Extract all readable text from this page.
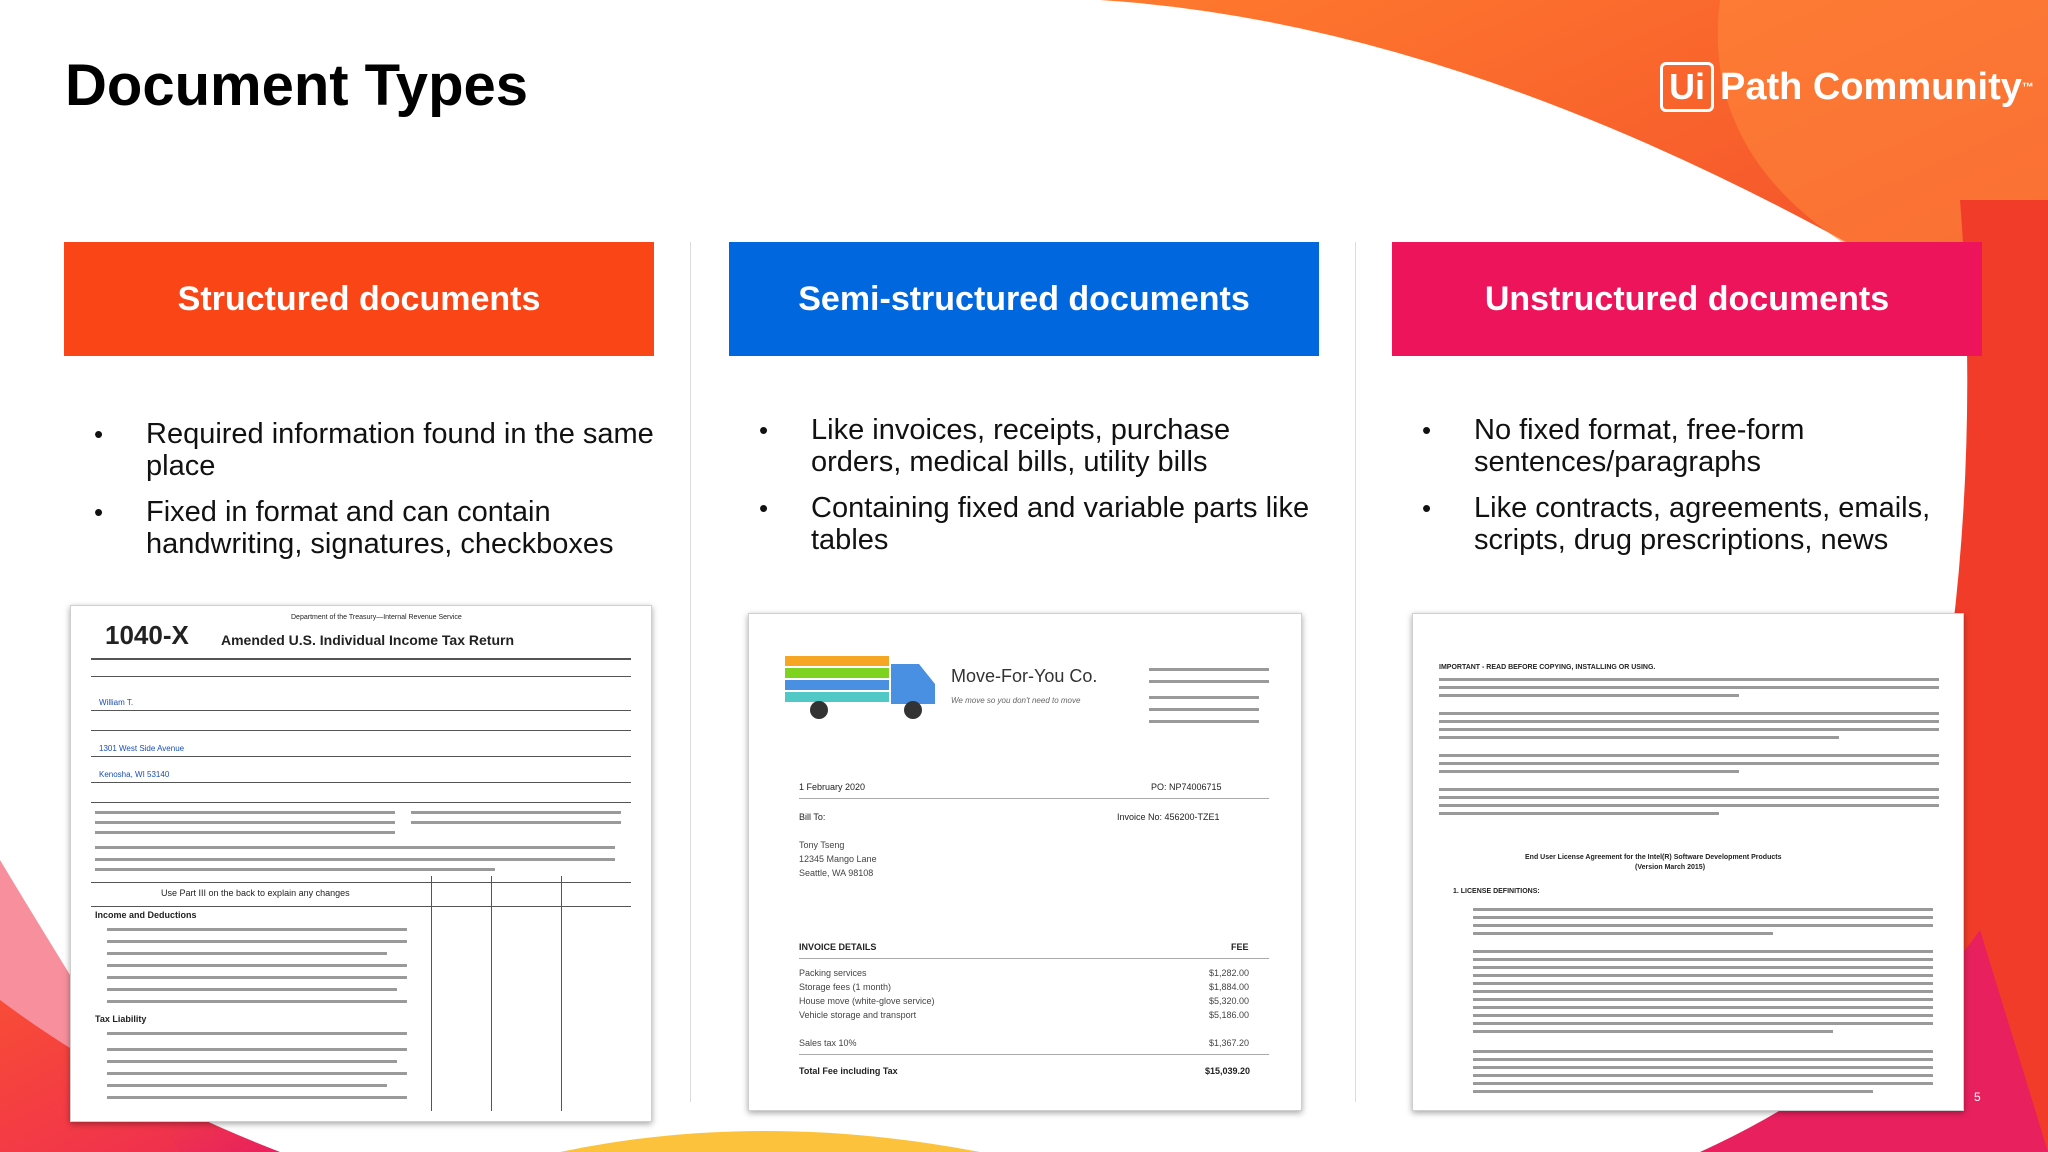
Document Types	Ui Path Community ™
Structured documents
• Required information found in the same place
• Fixed in format and can contain handwriting, signatures, checkboxes
Semi-structured documents
• Like invoices, receipts, purchase orders, medical bills, utility bills
• Containing fixed and variable parts like tables
Unstructured documents
• No fixed format, free-form sentences/paragraphs
• Like contracts, agreements, emails, scripts, drug prescriptions, news
1040-X
Department of the Treasury—Internal Revenue Service
Amended U.S. Individual Income Tax Return
William T.
1301 West Side Avenue
Kenosha, WI 53140
Use Part III on the back to explain any changes
Income and Deductions
Tax Liability
Move-For-You Co.
We move so you don't need to move
1 February 2020	PO: NP74006715
Bill To:	Invoice No: 456200-TZE1
Tony Tseng
12345 Mango Lane
Seattle, WA 98108
INVOICE DETAILS	FEE
Packing services	$1,282.00
Storage fees (1 month)	$1,884.00
House move (white-glove service)	$5,320.00
Vehicle storage and transport	$5,186.00
Sales tax 10%	$1,367.20
Total Fee including Tax	$15,039.20
IMPORTANT - READ BEFORE COPYING, INSTALLING OR USING.
End User License Agreement for the Intel(R) Software Development Products
(Version March 2015)
1. LICENSE DEFINITIONS:
5
